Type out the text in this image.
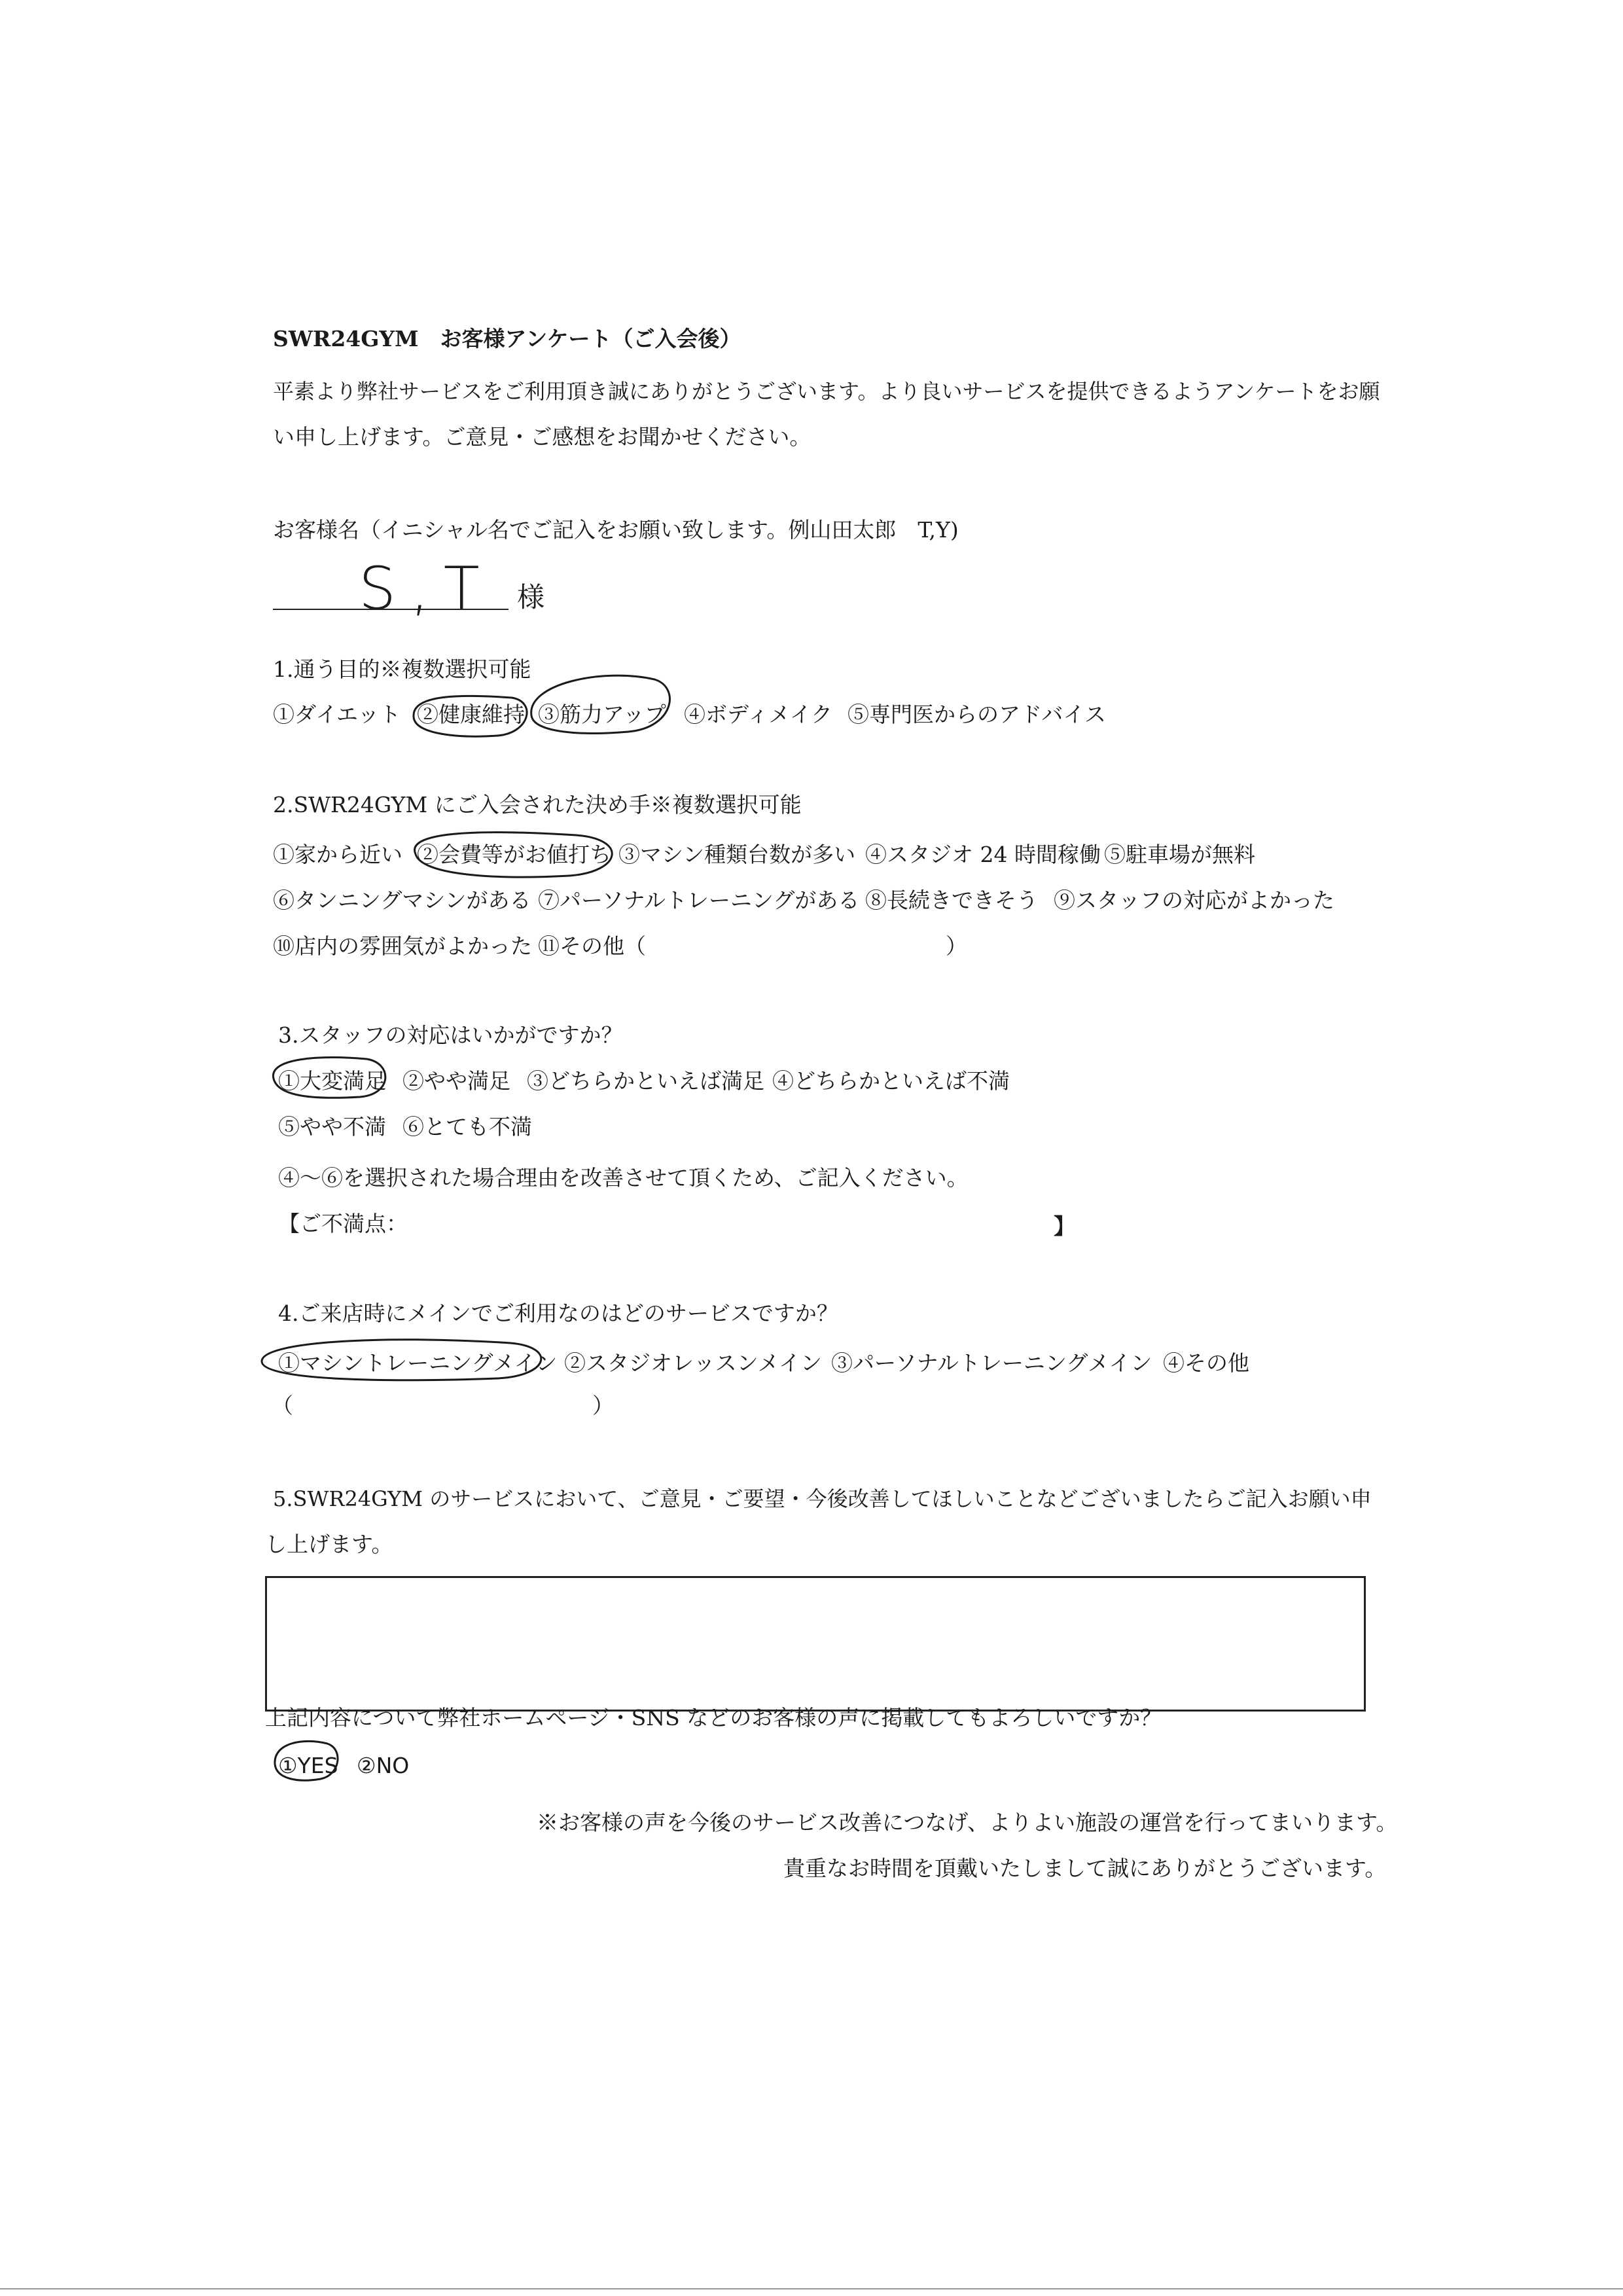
SWR24GYM　お客様アンケート（ご入会後）
平素より弊社サービスをご利用頂き誠にありがとうございます。より良いサービスを提供できるようアンケートをお願
い申し上げます。ご意見・ご感想をお聞かせください。
お客様名（イニシャル名でご記入をお願い致します。例山田太郎　T,Y)
S,T 様
1.通う目的※複数選択可能
①ダイエット ②健康維持 ③筋力アップ ④ボディメイク ⑤専門医からのアドバイス
2.SWR24GYM にご入会された決め手※複数選択可能
①家から近い ②会費等がお値打ち ③マシン種類台数が多い ④スタジオ 24 時間稼働 ⑤駐車場が無料
⑥タンニングマシンがある ⑦パーソナルトレーニングがある ⑧長続きできそう ⑨スタッフの対応がよかった
⑩店内の雰囲気がよかった ⑪その他（	）
3.スタッフの対応はいかがですか？
①大変満足 ②やや満足 ③どちらかといえば満足 ④どちらかといえば不満
⑤やや不満 ⑥とても不満
④～⑥を選択された場合理由を改善させて頂くため、ご記入ください。
【ご不満点：	】
4.ご来店時にメインでご利用なのはどのサービスですか？
①マシントレーニングメイン ②スタジオレッスンメイン ③パーソナルトレーニングメイン ④その他
（	）
5.SWR24GYM のサービスにおいて、ご意見・ご要望・今後改善してほしいことなどございましたらご記入お願い申
し上げます。
上記内容について弊社ホームページ・SNS などのお客様の声に掲載してもよろしいですか？
①YES ②NO
※お客様の声を今後のサービス改善につなげ、よりよい施設の運営を行ってまいります。
貴重なお時間を頂戴いたしまして誠にありがとうございます。
